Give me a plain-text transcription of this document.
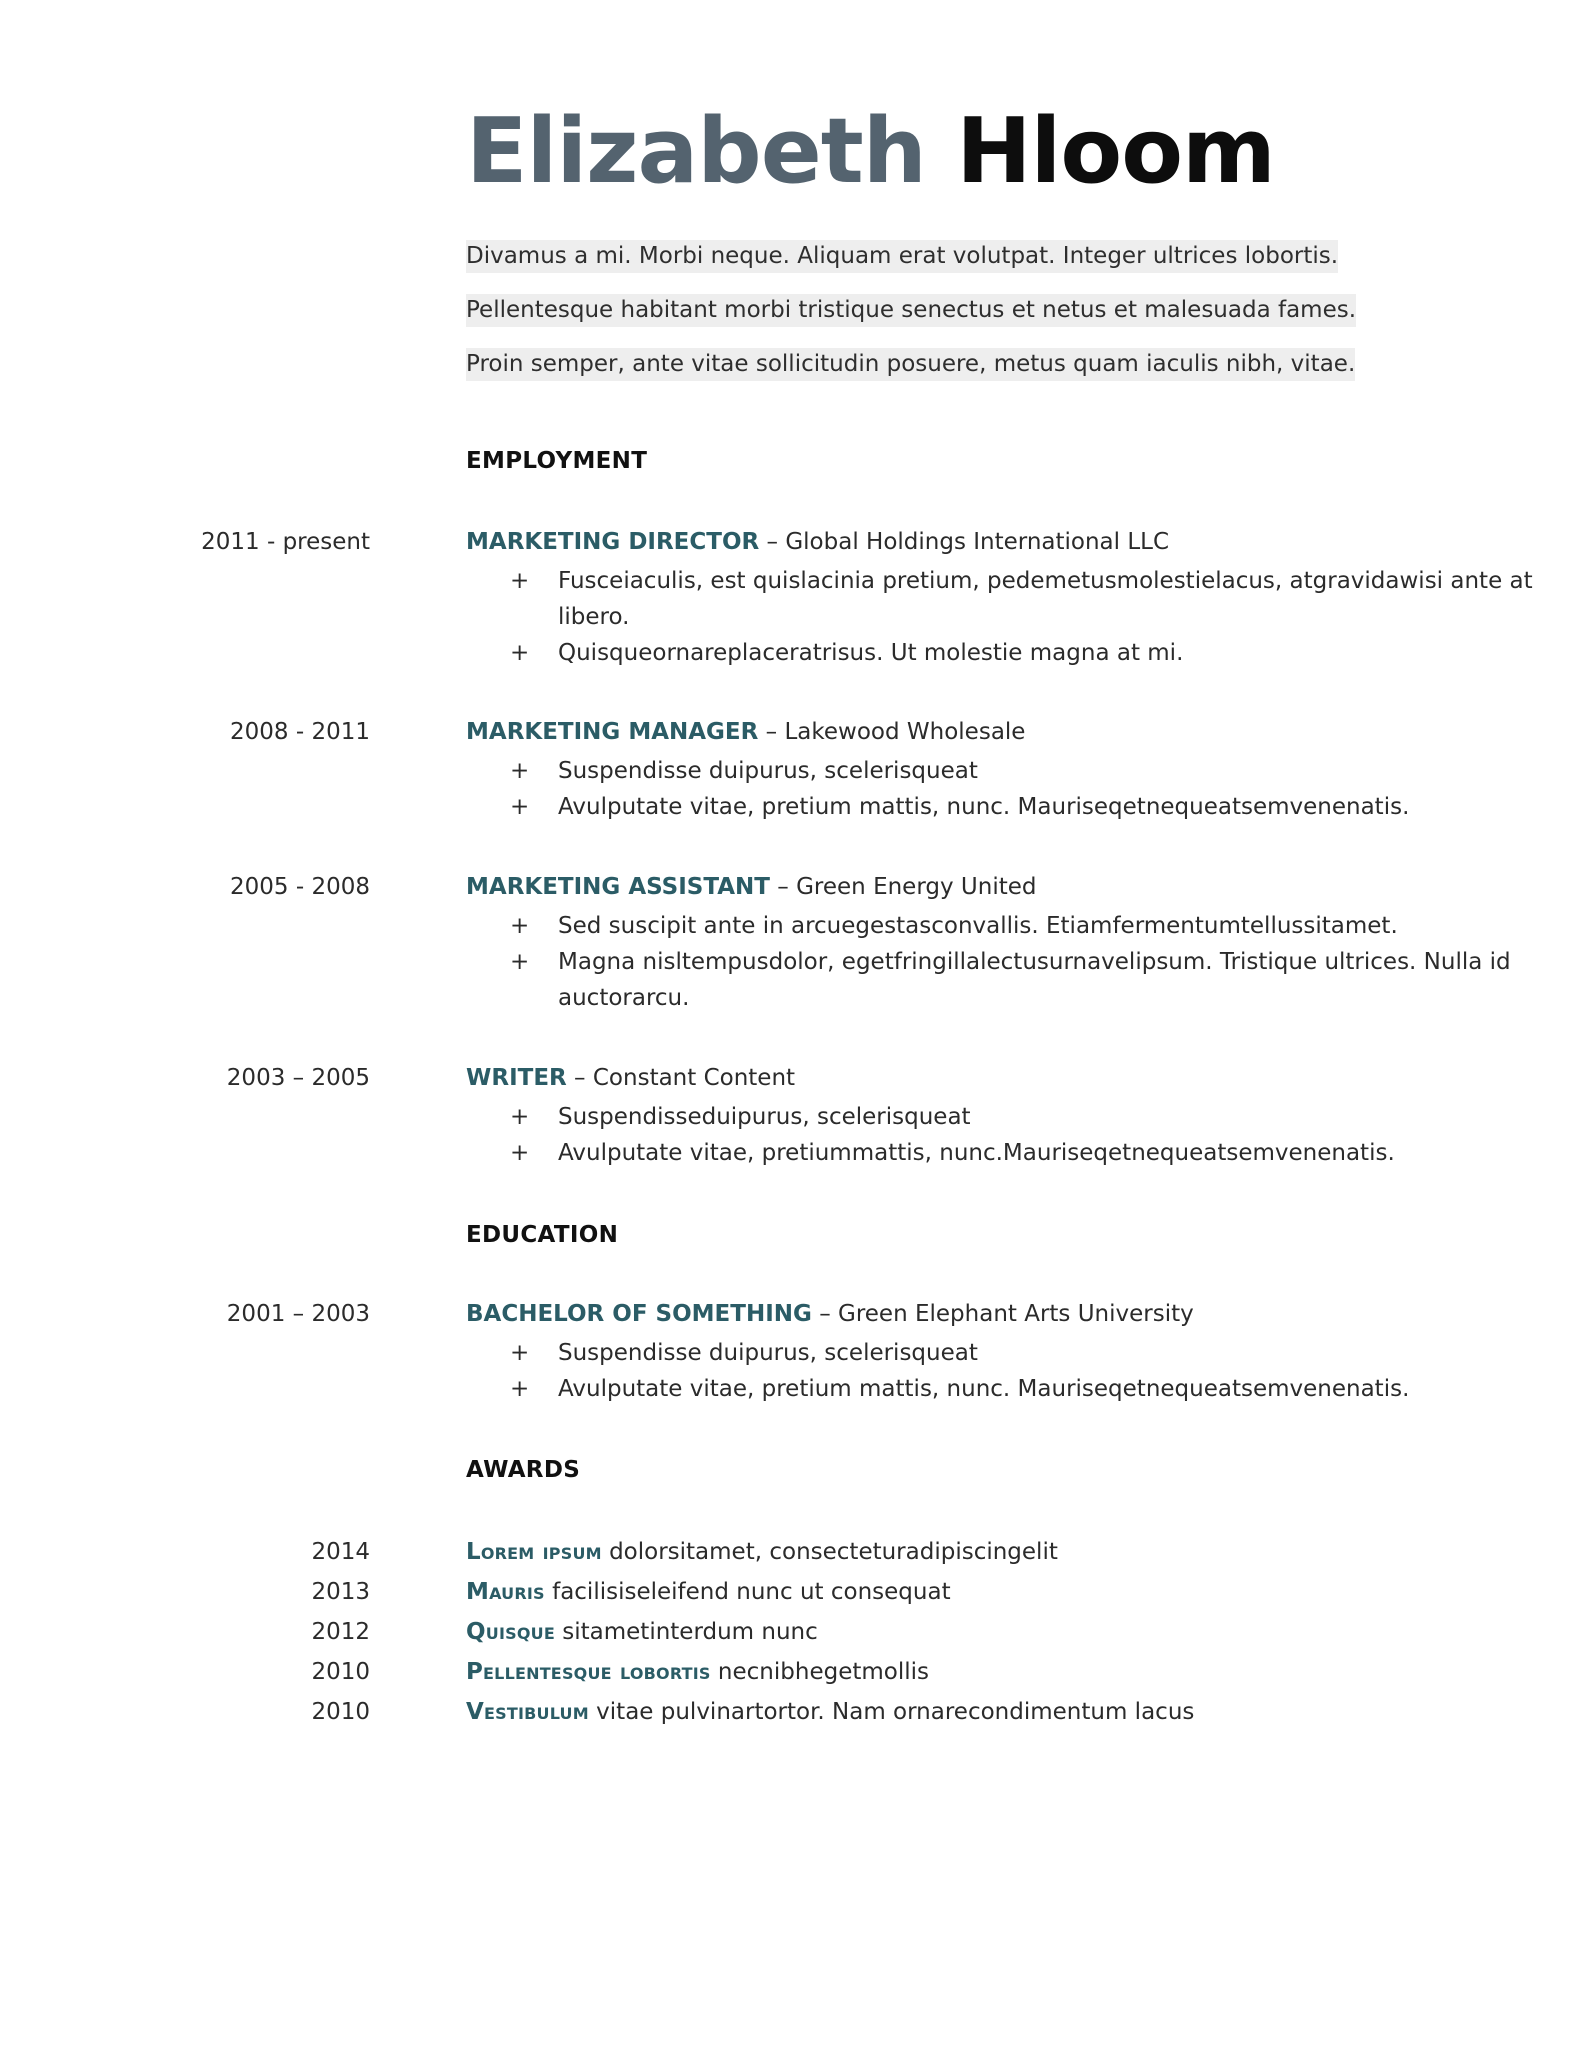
Elizabeth Hloom
Divamus a mi. Morbi neque. Aliquam erat volutpat. Integer ultrices lobortis.
Pellentesque habitant morbi tristique senectus et netus et malesuada fames.
Proin semper, ante vitae sollicitudin posuere, metus quam iaculis nibh, vitae.
EMPLOYMENT
2011 - present	MARKETING DIRECTOR – Global Holdings International LLC
+ Fusceiaculis, est quislacinia pretium, pedemetusmolestielacus, atgravidawisi ante at libero.
+ Quisqueornareplaceratrisus. Ut molestie magna at mi.
2008 - 2011	MARKETING MANAGER – Lakewood Wholesale
+ Suspendisse duipurus, scelerisqueat
+ Avulputate vitae, pretium mattis, nunc. Mauriseqetnequeatsemvenenatis.
2005 - 2008	MARKETING ASSISTANT – Green Energy United
+ Sed suscipit ante in arcuegestasconvallis. Etiamfermentumtellussitamet.
+ Magna nisltempusdolor, egetfringillalectusurnavelipsum. Tristique ultrices. Nulla id auctorarcu.
2003 – 2005	WRITER – Constant Content
+ Suspendisseduipurus, scelerisqueat
+ Avulputate vitae, pretiummattis, nunc.Mauriseqetnequeatsemvenenatis.
EDUCATION
2001 – 2003	BACHELOR OF SOMETHING – Green Elephant Arts University
+ Suspendisse duipurus, scelerisqueat
+ Avulputate vitae, pretium mattis, nunc. Mauriseqetnequeatsemvenenatis.
AWARDS
2014	Lorem ipsum dolorsitamet, consecteturadipiscingelit
2013	Mauris facilisiseleifend nunc ut consequat
2012	Quisque sitametinterdum nunc
2010	Pellentesque lobortis necnibhegetmollis
2010	Vestibulum vitae pulvinartortor. Nam ornarecondimentum lacus
